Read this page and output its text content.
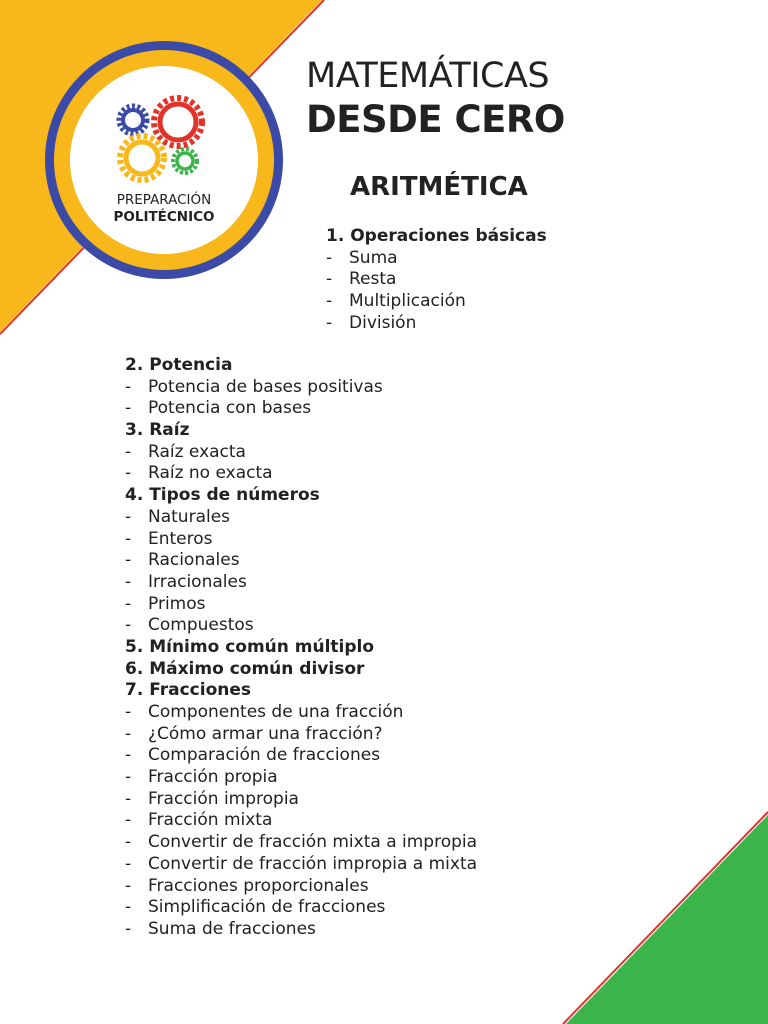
PREPARACIÓN
POLITÉCNICO
MATEMÁTICAS
DESDE CERO
ARITMÉTICA
1. Operaciones básicas
- Suma
- Resta
- Multiplicación
- División
2. Potencia
- Potencia de bases positivas
- Potencia con bases
3. Raíz
- Raíz exacta
- Raíz no exacta
4. Tipos de números
- Naturales
- Enteros
- Racionales
- Irracionales
- Primos
- Compuestos
5. Mínimo común múltiplo
6. Máximo común divisor
7. Fracciones
- Componentes de una fracción
- ¿Cómo armar una fracción?
- Comparación de fracciones
- Fracción propia
- Fracción impropia
- Fracción mixta
- Convertir de fracción mixta a impropia
- Convertir de fracción impropia a mixta
- Fracciones proporcionales
- Simplificación de fracciones
- Suma de fracciones
